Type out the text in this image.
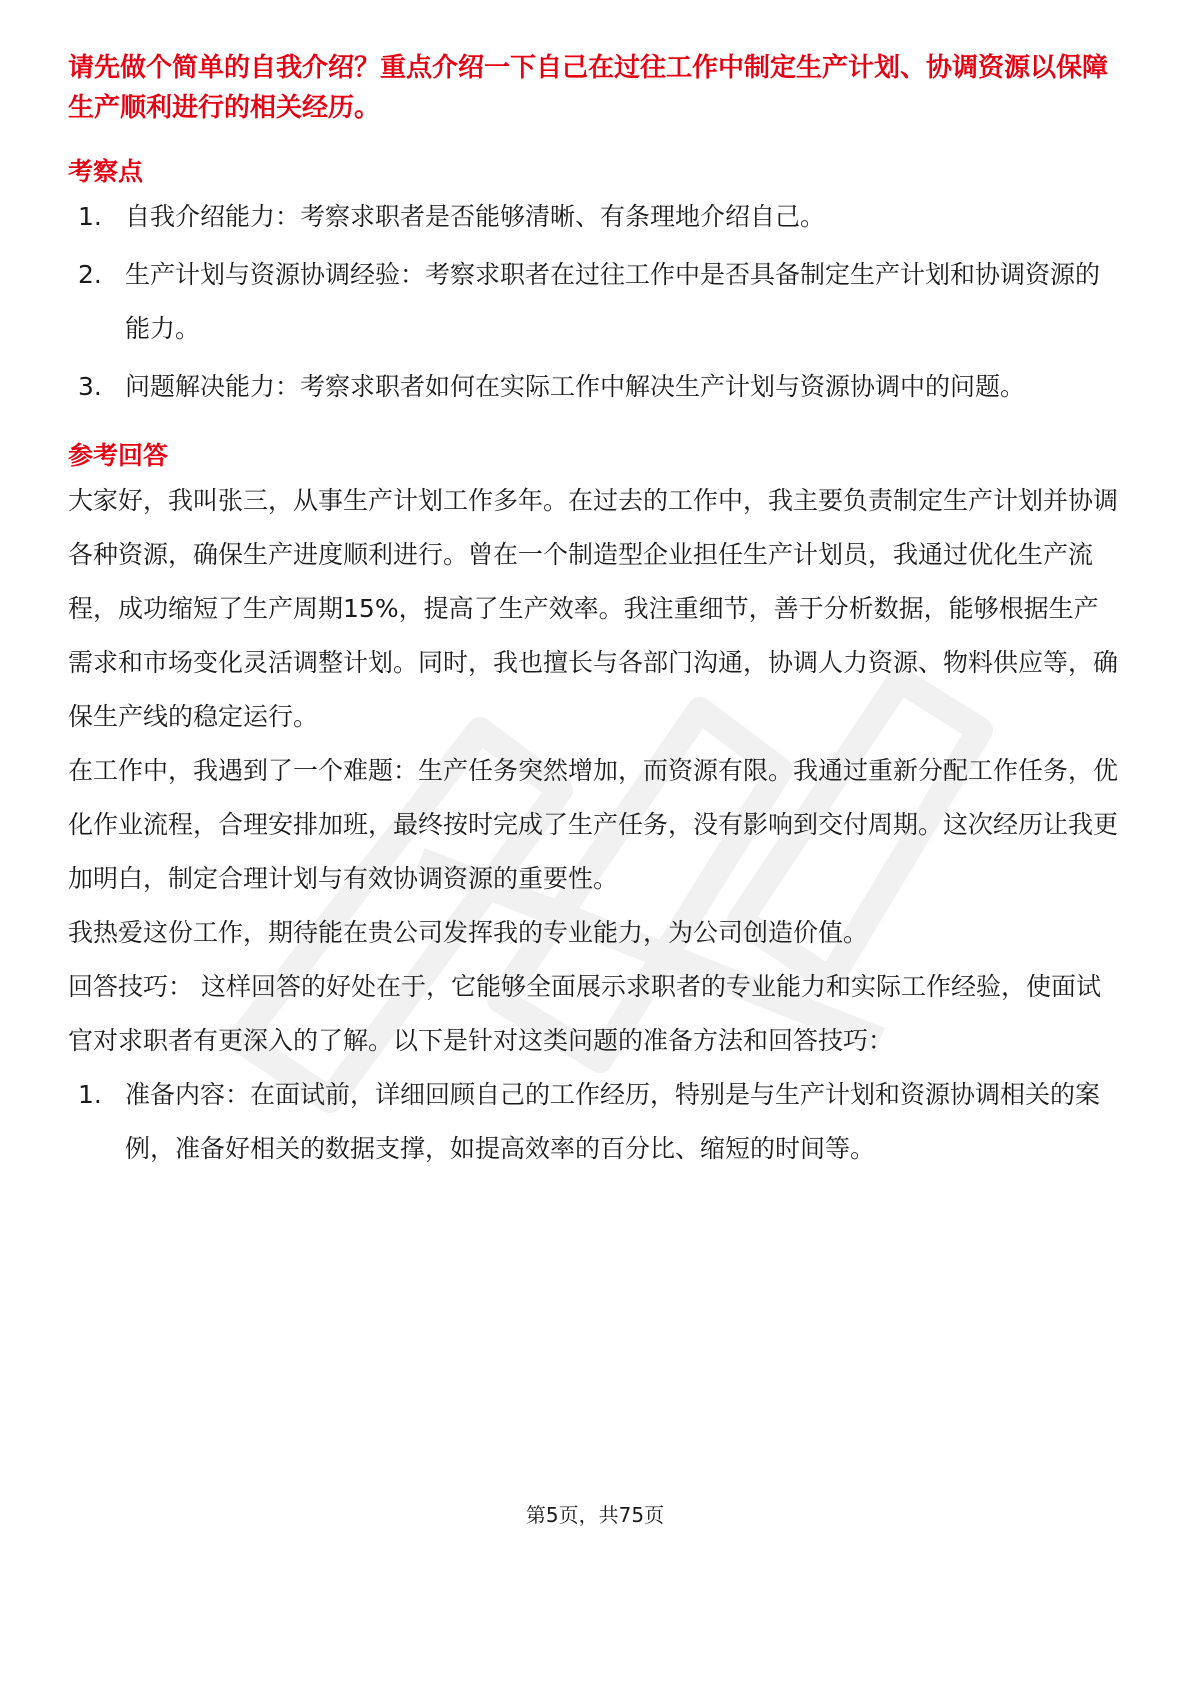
请先做个简单的自我介绍？重点介绍一下自己在过往工作中制定生产计划、协调资源以保障生产顺利进行的相关经历。
考察点
1. 自我介绍能力：考察求职者是否能够清晰、有条理地介绍自己。
2. 生产计划与资源协调经验：考察求职者在过往工作中是否具备制定生产计划和协调资源的能力。
3. 问题解决能力：考察求职者如何在实际工作中解决生产计划与资源协调中的问题。
参考回答

大家好，我叫张三，从事生产计划工作多年。在过去的工作中，我主要负责制定生产计划并协调各种资源，确保生产进度顺利进行。曾在一个制造型企业担任生产计划员，我通过优化生产流程，成功缩短了生产周期15%，提高了生产效率。我注重细节，善于分析数据，能够根据生产需求和市场变化灵活调整计划。同时，我也擅长与各部门沟通，协调人力资源、物料供应等，确保生产线的稳定运行。

在工作中，我遇到了一个难题：生产任务突然增加，而资源有限。我通过重新分配工作任务，优化作业流程，合理安排加班，最终按时完成了生产任务，没有影响到交付周期。这次经历让我更加明白，制定合理计划与有效协调资源的重要性。

我热爱这份工作，期待能在贵公司发挥我的专业能力，为公司创造价值。

回答技巧： 这样回答的好处在于，它能够全面展示求职者的专业能力和实际工作经验，使面试官对求职者有更深入的了解。以下是针对这类问题的准备方法和回答技巧：

1. 准备内容：在面试前，详细回顾自己的工作经历，特别是与生产计划和资源协调相关的案例，准备好相关的数据支撑，如提高效率的百分比、缩短的时间等。
第5页，共75页
